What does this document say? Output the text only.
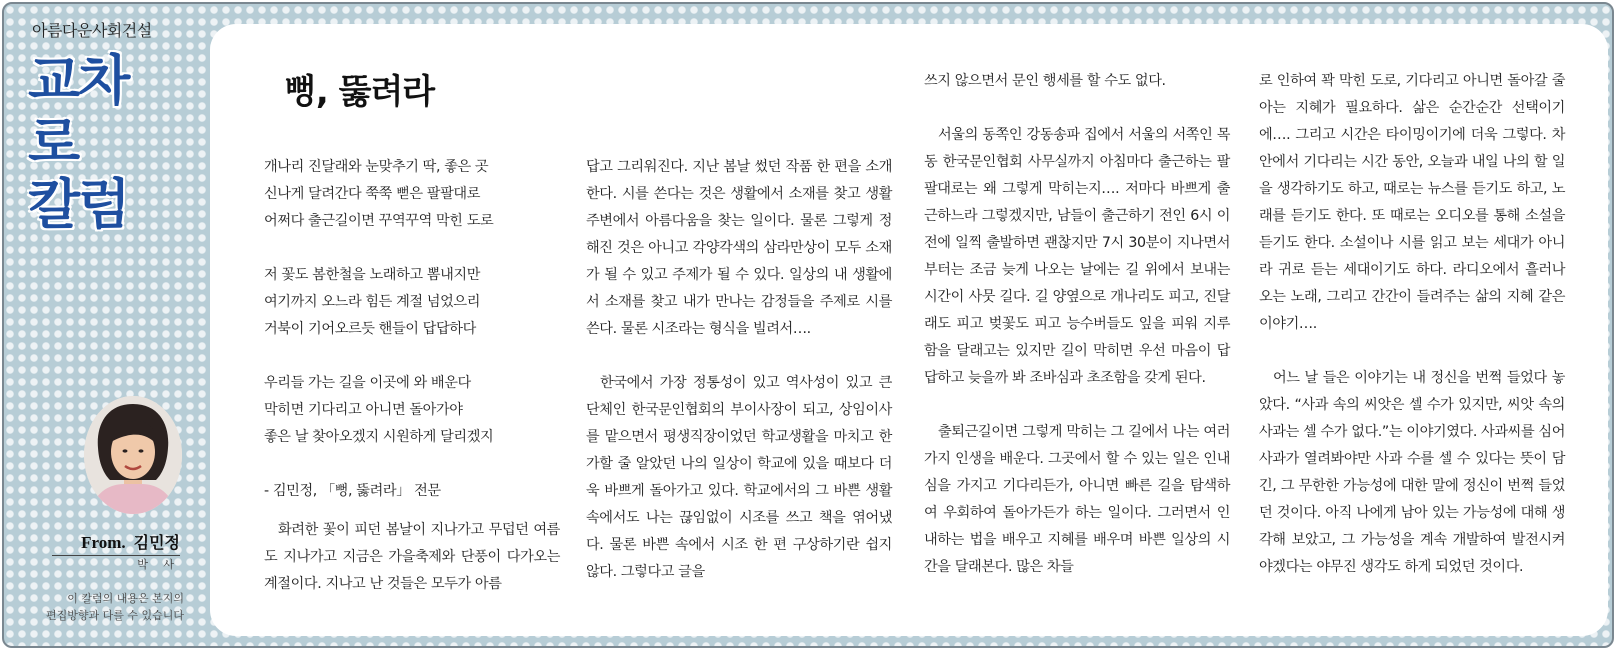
아름다운사회건설
교차로
칼럼
From. 김민정
박 사
이 칼럼의 내용은 본지의
편집방향과 다를 수 있습니다
뻥, 뚫려라

개나리 진달래와 눈맞추기 딱, 좋은 곳
신나게 달려간다 쭉쭉 뻗은 팔팔대로
어쩌다 출근길이면 꾸역꾸역 막힌 도로

저 꽃도 봄한철을 노래하고 뽐내지만
여기까지 오느라 힘든 계절 넘었으리
거북이 기어오르듯 핸들이 답답하다

우리들 가는 길을 이곳에 와 배운다
막히면 기다리고 아니면 돌아가야
좋은 날 찾아오겠지 시원하게 달리겠지

- 김민정, 「뻥, 뚫려라」 전문

화려한 꽃이 피던 봄날이 지나가고 무덥던 여름도 지나가고 지금은 가을축제와 단풍이 다가오는 계절이다. 지나고 난 것들은 모두가 아름

답고 그리워진다. 지난 봄날 썼던 작품 한 편을 소개한다. 시를 쓴다는 것은 생활에서 소재를 찾고 생활 주변에서 아름다움을 찾는 일이다. 물론 그렇게 정해진 것은 아니고 각양각색의 삼라만상이 모두 소재가 될 수 있고 주제가 될 수 있다. 일상의 내 생활에서 소재를 찾고 내가 만나는 감정들을 주제로 시를 쓴다. 물론 시조라는 형식을 빌려서….

한국에서 가장 정통성이 있고 역사성이 있고 큰 단체인 한국문인협회의 부이사장이 되고, 상임이사를 맡으면서 평생직장이었던 학교생활을 마치고 한가할 줄 알았던 나의 일상이 학교에 있을 때보다 더욱 바쁘게 돌아가고 있다. 학교에서의 그 바쁜 생활 속에서도 나는 끊임없이 시조를 쓰고 책을 엮어냈다. 물론 바쁜 속에서 시조 한 편 구상하기란 쉽지 않다. 그렇다고 글을

쓰지 않으면서 문인 행세를 할 수도 없다.

서울의 동쪽인 강동송파 집에서 서울의 서쪽인 목동 한국문인협회 사무실까지 아침마다 출근하는 팔팔대로는 왜 그렇게 막히는지…. 저마다 바쁘게 출근하느라 그렇겠지만, 남들이 출근하기 전인 6시 이전에 일찍 출발하면 괜찮지만 7시 30분이 지나면서부터는 조금 늦게 나오는 날에는 길 위에서 보내는 시간이 사뭇 길다. 길 양옆으로 개나리도 피고, 진달래도 피고 벚꽃도 피고 능수버들도 잎을 피워 지루함을 달래고는 있지만 길이 막히면 우선 마음이 답답하고 늦을까 봐 조바심과 초조함을 갖게 된다.

출퇴근길이면 그렇게 막히는 그 길에서 나는 여러 가지 인생을 배운다. 그곳에서 할 수 있는 일은 인내심을 가지고 기다리든가, 아니면 빠른 길을 탐색하여 우회하여 돌아가든가 하는 일이다. 그러면서 인내하는 법을 배우고 지혜를 배우며 바쁜 일상의 시간을 달래본다. 많은 차들

로 인하여 꽉 막힌 도로, 기다리고 아니면 돌아갈 줄 아는 지혜가 필요하다. 삶은 순간순간 선택이기에…. 그리고 시간은 타이밍이기에 더욱 그렇다. 차 안에서 기다리는 시간 동안, 오늘과 내일 나의 할 일을 생각하기도 하고, 때로는 뉴스를 듣기도 하고, 노래를 듣기도 한다. 또 때로는 오디오를 통해 소설을 듣기도 한다. 소설이나 시를 읽고 보는 세대가 아니라 귀로 듣는 세대이기도 하다. 라디오에서 흘러나오는 노래, 그리고 간간이 들려주는 삶의 지혜 같은 이야기….

어느 날 들은 이야기는 내 정신을 번쩍 들었다 놓았다. “사과 속의 씨앗은 셀 수가 있지만, 씨앗 속의 사과는 셀 수가 없다.”는 이야기였다. 사과씨를 심어 사과가 열려봐야만 사과 수를 셀 수 있다는 뜻이 담긴, 그 무한한 가능성에 대한 말에 정신이 번쩍 들었던 것이다. 아직 나에게 남아 있는 가능성에 대해 생각해 보았고, 그 가능성을 계속 개발하여 발전시켜야겠다는 야무진 생각도 하게 되었던 것이다.
